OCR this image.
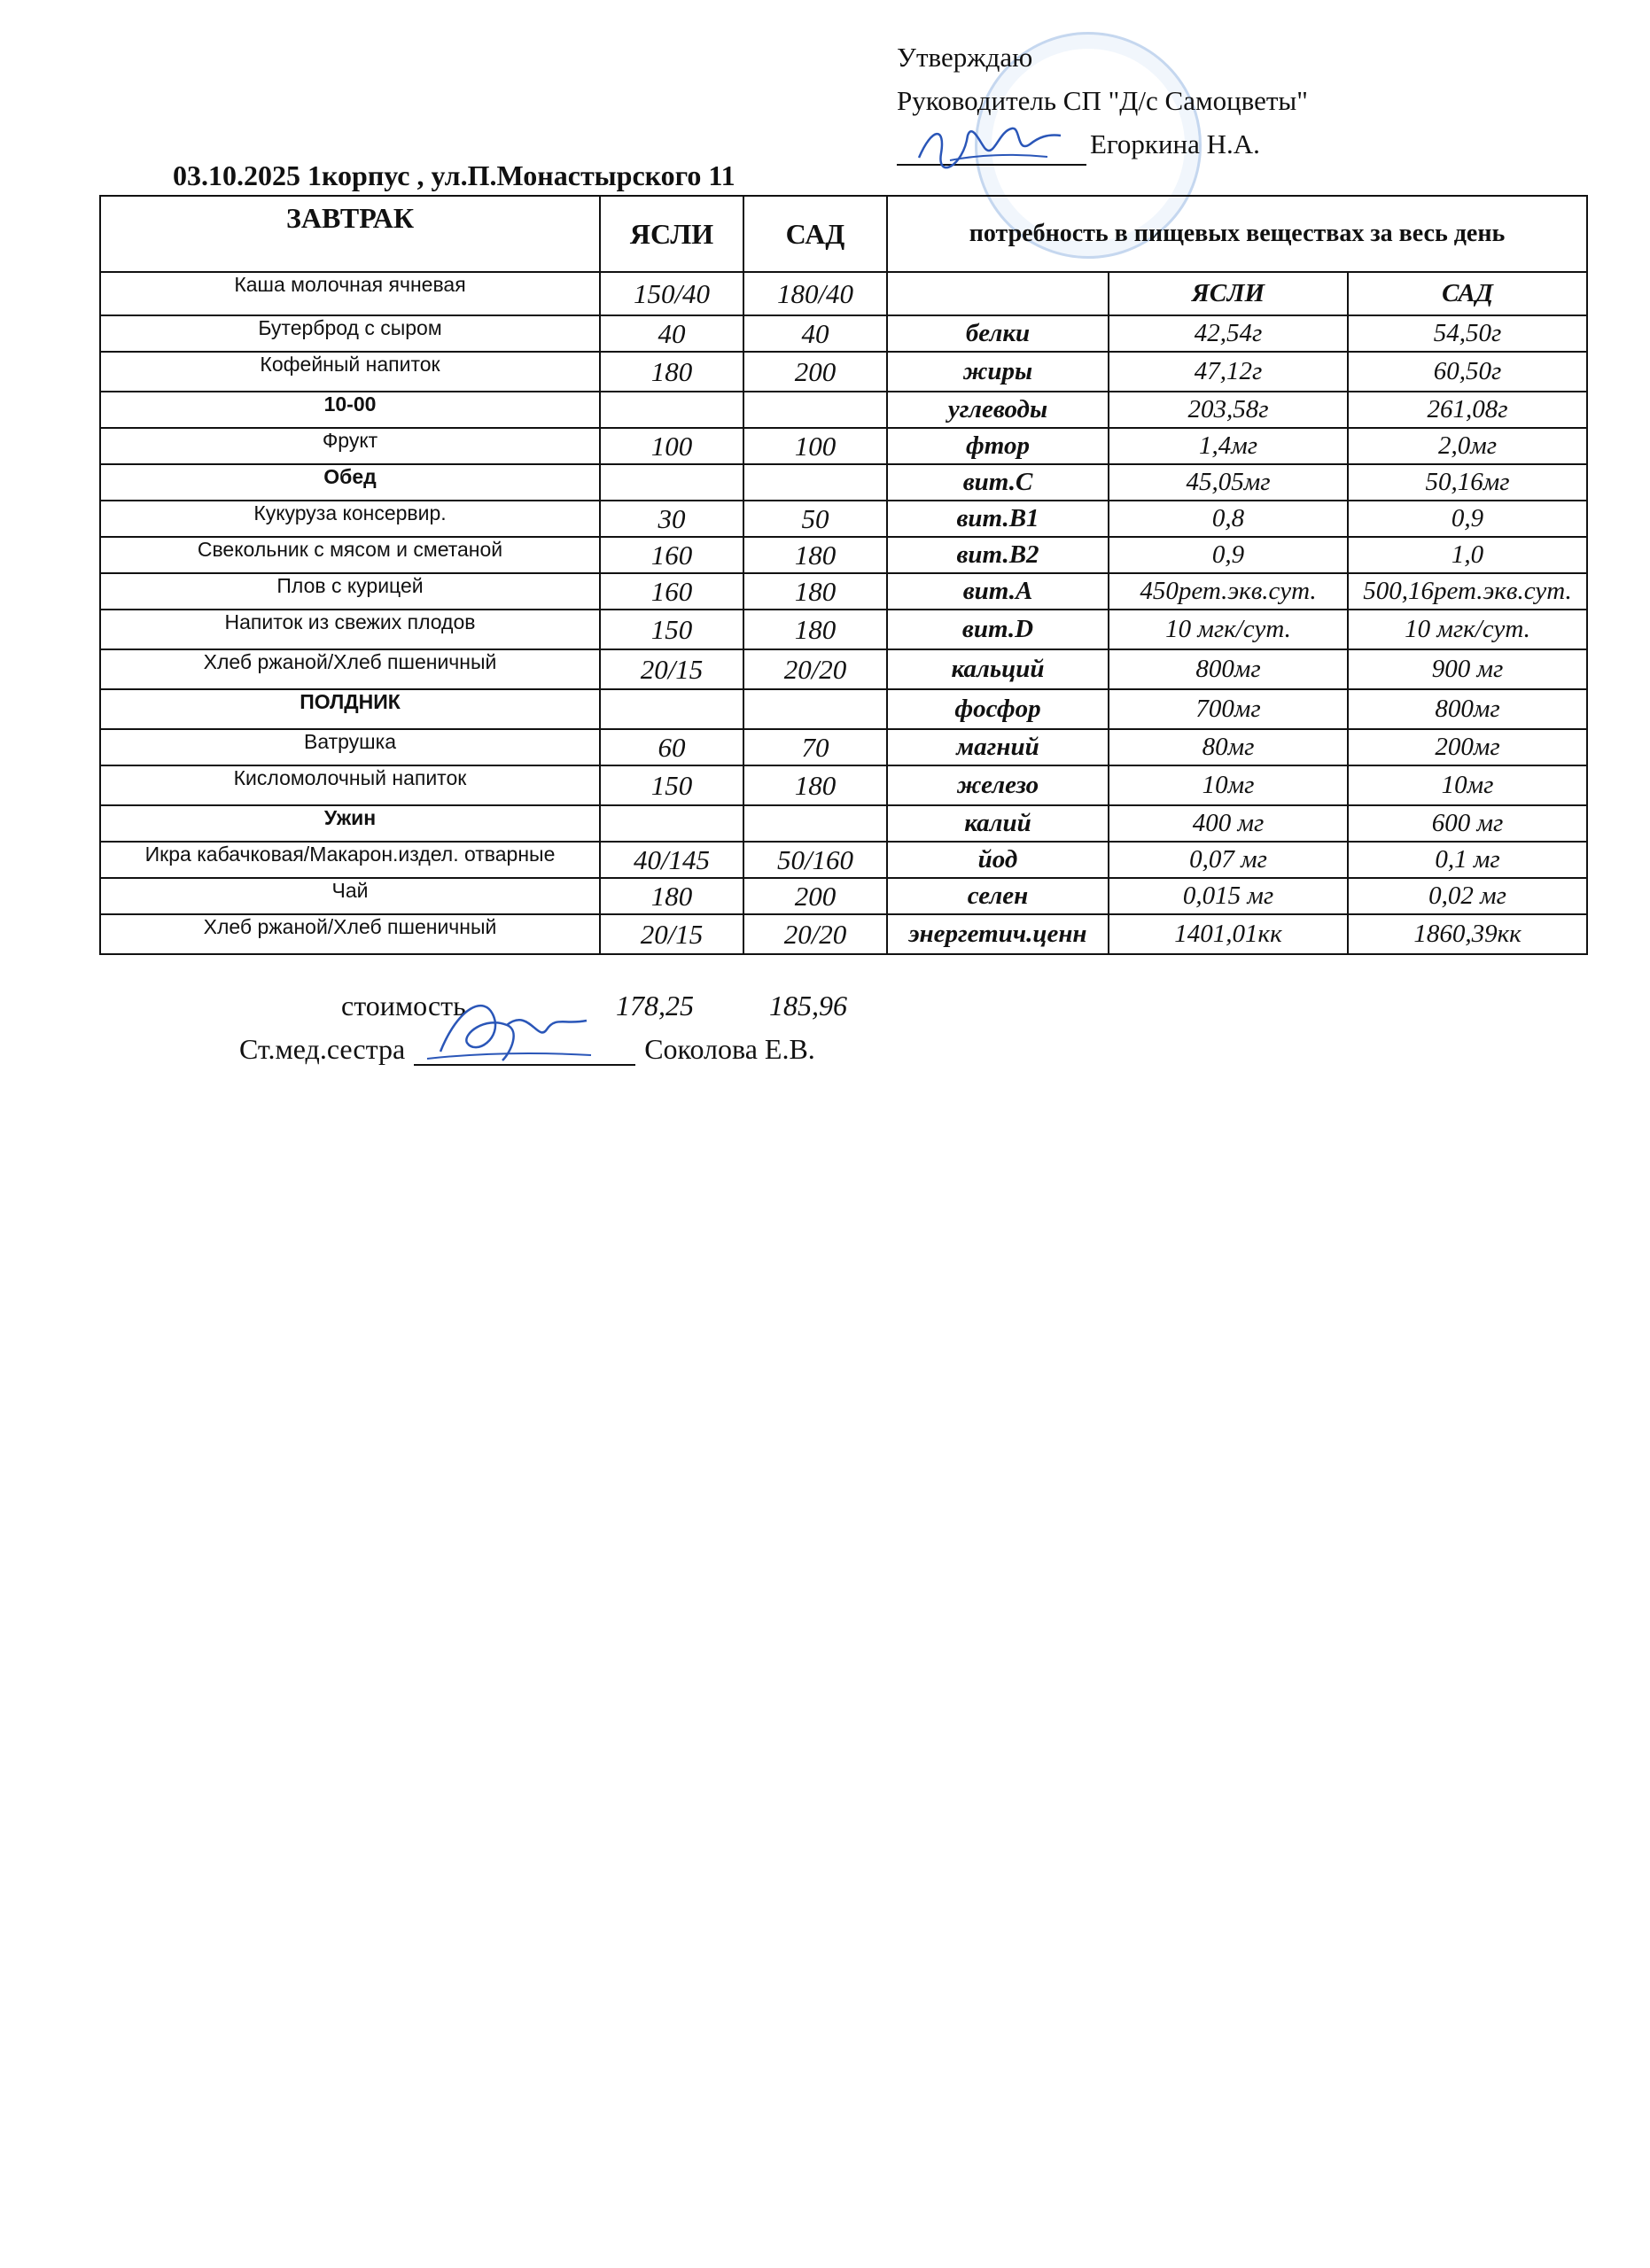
Утверждаю
Руководитель СП "Д/с Самоцветы"
Егоркина Н.А.
03.10.2025 1корпус , ул.П.Монастырского 11
ЗАВТРАК	ЯСЛИ	САД	потребность в пищевых веществах за весь день		
Каша молочная ячневая	150/40	180/40		ЯСЛИ	САД
Бутерброд с сыром	40	40	белки	42,54г	54,50г
Кофейный напиток	180	200	жиры	47,12г	60,50г
10-00			углеводы	203,58г	261,08г
Фрукт	100	100	фтор	1,4мг	2,0мг
Обед			вит.С	45,05мг	50,16мг
Кукуруза консервир.	30	50	вит.В1	0,8	0,9
Свекольник с мясом и сметаной	160	180	вит.В2	0,9	1,0
Плов с курицей	160	180	вит.А	450рет.экв.сут.	500,16рет.экв.сут.
Напиток из свежих плодов	150	180	вит.D	10 мгк/сут.	10 мгк/сут.
Хлеб ржаной/Хлеб пшеничный	20/15	20/20	кальций	800мг	900 мг
ПОЛДНИК			фосфор	700мг	800мг
Ватрушка	60	70	магний	80мг	200мг
Кисломолочный напиток	150	180	железо	10мг	10мг
Ужин			калий	400 мг	600 мг
Икра кабачковая/Макарон.издел. отварные	40/145	50/160	йод	0,07 мг	0,1 мг
Чай	180	200	селен	0,015 мг	0,02 мг
Хлеб ржаной/Хлеб пшеничный	20/15	20/20	энергетич.ценн	1401,01кк	1860,39кк
стоимость	178,25	185,96
Ст.мед.сестра	Соколова Е.В.
